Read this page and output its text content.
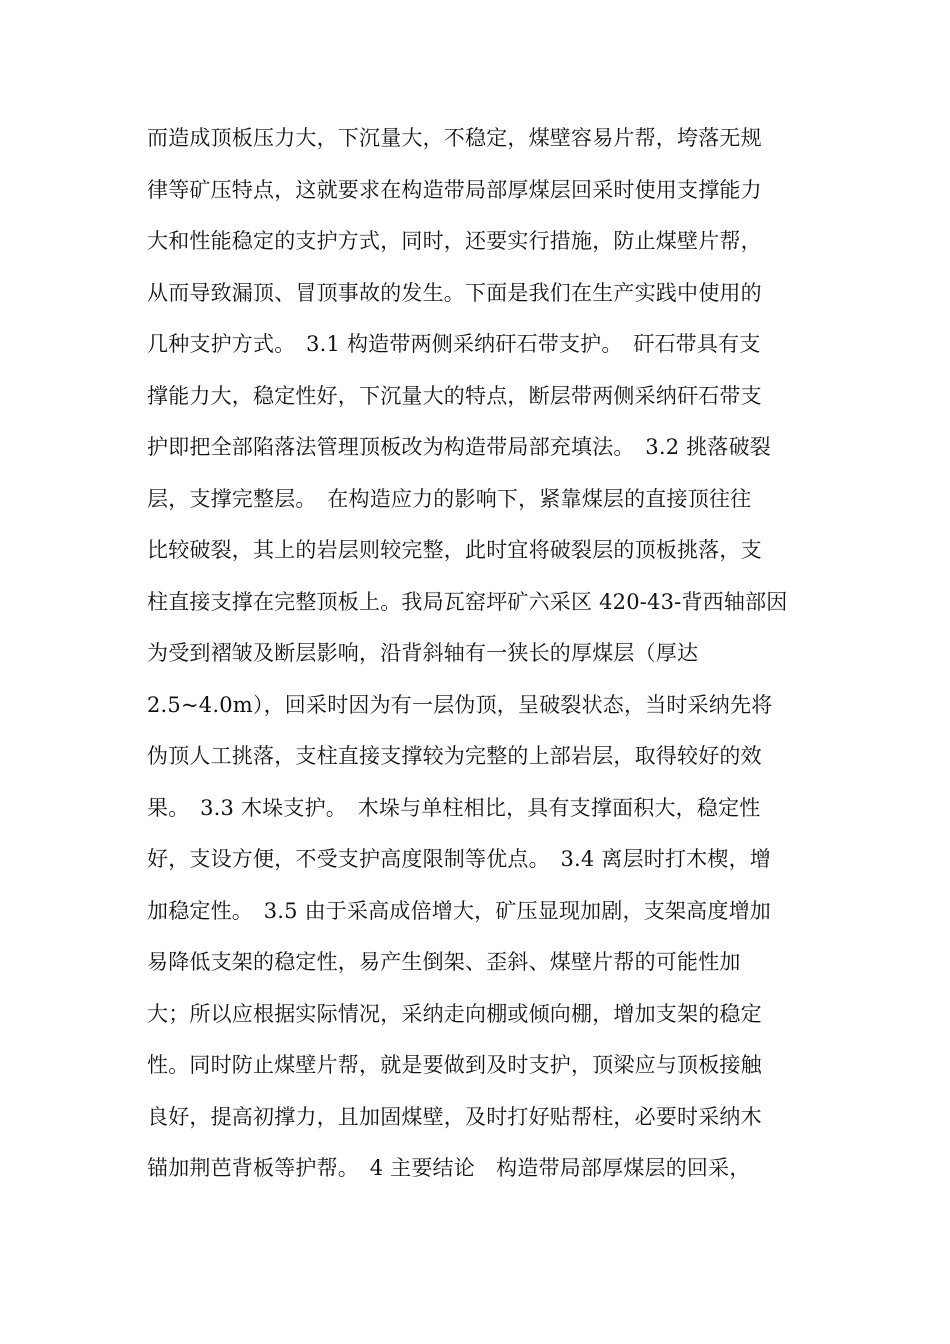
而造成顶板压力大，下沉量大，不稳定，煤壁容易片帮，垮落无规
律等矿压特点，这就要求在构造带局部厚煤层回采时使用支撑能力
大和性能稳定的支护方式，同时，还要实行措施，防止煤壁片帮，
从而导致漏顶、冒顶事故的发生。下面是我们在生产实践中使用的
几种支护方式。　3.1 构造带两侧采纳矸石带支护。　矸石带具有支
撑能力大，稳定性好，下沉量大的特点，断层带两侧采纳矸石带支
护即把全部陷落法管理顶板改为构造带局部充填法。　3.2 挑落破裂
层，支撑完整层。　在构造应力的影响下，紧靠煤层的直接顶往往
比较破裂，其上的岩层则较完整，此时宜将破裂层的顶板挑落，支
柱直接支撑在完整顶板上。我局瓦窑坪矿六采区 420-43-背西轴部因
为受到褶皱及断层影响，沿背斜轴有一狭长的厚煤层（厚达
2.5~4.0m），回采时因为有一层伪顶，呈破裂状态，当时采纳先将
伪顶人工挑落，支柱直接支撑较为完整的上部岩层，取得较好的效
果。　3.3 木垛支护。　木垛与单柱相比，具有支撑面积大，稳定性
好，支设方便，不受支护高度限制等优点。　3.4 离层时打木楔，增
加稳定性。　3.5 由于采高成倍增大，矿压显现加剧，支架高度增加
易降低支架的稳定性，易产生倒架、歪斜、煤壁片帮的可能性加
大；所以应根据实际情况，采纳走向棚或倾向棚，增加支架的稳定
性。同时防止煤壁片帮，就是要做到及时支护，顶梁应与顶板接触
良好，提高初撑力，且加固煤壁，及时打好贴帮柱，必要时采纳木
锚加荆芭背板等护帮。　4 主要结论　构造带局部厚煤层的回采，
